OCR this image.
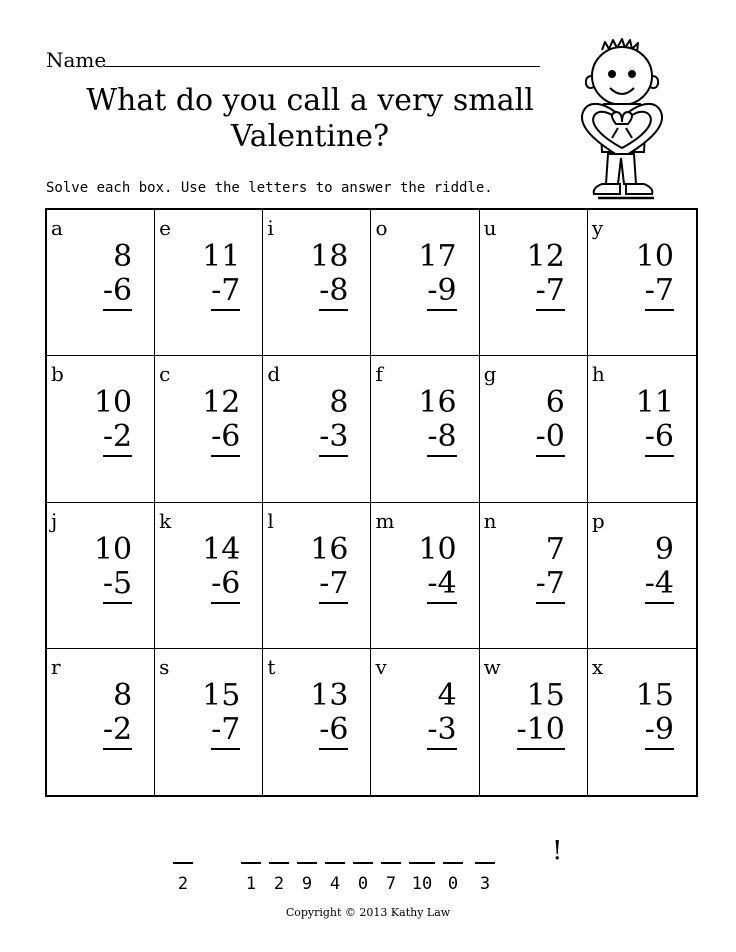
Name
What do you call a very small
Valentine?
Solve each box. Use the letters to answer the riddle.
a
8
-6
e
11
-7
i
18
-8
o
17
-9
u
12
-7
y
10
-7
b
10
-2
c
12
-6
d
8
-3
f
16
-8
g
6
-0
h
11
-6
j
10
-5
k
14
-6
l
16
-7
m
10
-4
n
7
-7
p
9
-4
r
8
-2
s
15
-7
t
13
-6
v
4
-3
w
15
-10
x
15
-9
2	1	2	9	4	0	7 10 0	3
!
Copyright © 2013 Kathy Law
